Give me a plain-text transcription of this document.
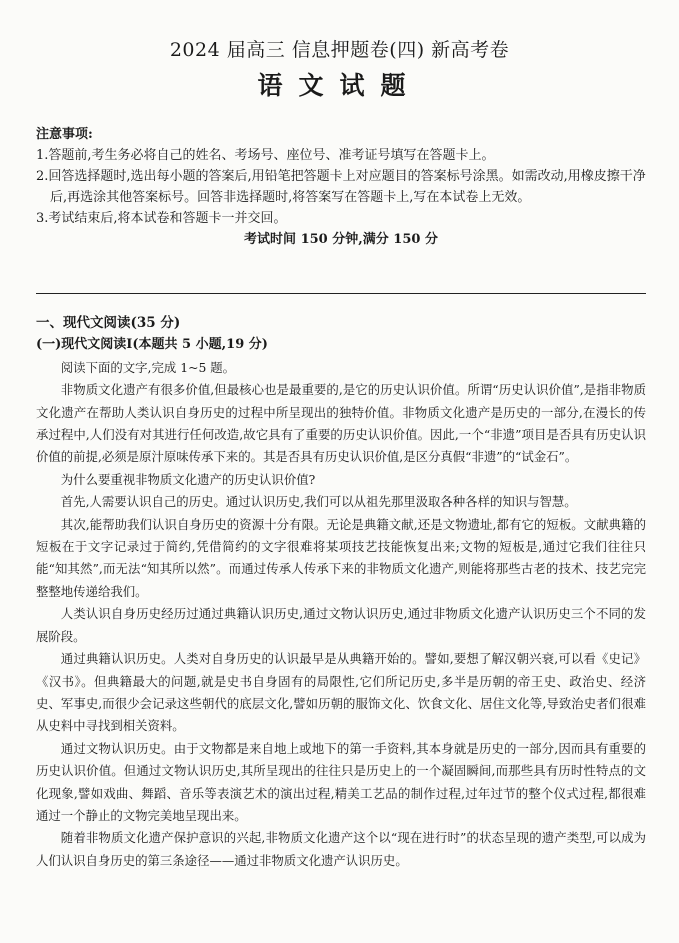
2024 届高三 信息押题卷(四) 新高考卷
语文试题
注意事项:
1.答题前,考生务必将自己的姓名、考场号、座位号、准考证号填写在答题卡上。
2.回答选择题时,选出每小题的答案后,用铅笔把答题卡上对应题目的答案标号涂黑。如需改动,用橡皮擦干净后,再选涂其他答案标号。回答非选择题时,将答案写在答题卡上,写在本试卷上无效。
3.考试结束后,将本试卷和答题卡一并交回。
考试时间 150 分钟,满分 150 分
一、现代文阅读(35 分)
(一)现代文阅读Ⅰ(本题共 5 小题,19 分)
阅读下面的文字,完成 1~5 题。

非物质文化遗产有很多价值,但最核心也是最重要的,是它的历史认识价值。所谓“历史认识价值”,是指非物质文化遗产在帮助人类认识自身历史的过程中所呈现出的独特价值。非物质文化遗产是历史的一部分,在漫长的传承过程中,人们没有对其进行任何改造,故它具有了重要的历史认识价值。因此,一个“非遗”项目是否具有历史认识价值的前提,必须是原汁原味传承下来的。其是否具有历史认识价值,是区分真假“非遗”的“试金石”。

为什么要重视非物质文化遗产的历史认识价值?

首先,人需要认识自己的历史。通过认识历史,我们可以从祖先那里汲取各种各样的知识与智慧。

其次,能帮助我们认识自身历史的资源十分有限。无论是典籍文献,还是文物遗址,都有它的短板。文献典籍的短板在于文字记录过于简约,凭借简约的文字很难将某项技艺技能恢复出来;文物的短板是,通过它我们往往只能“知其然”,而无法“知其所以然”。而通过传承人传承下来的非物质文化遗产,则能将那些古老的技术、技艺完完整整地传递给我们。

人类认识自身历史经历过通过典籍认识历史,通过文物认识历史,通过非物质文化遗产认识历史三个不同的发展阶段。

通过典籍认识历史。人类对自身历史的认识最早是从典籍开始的。譬如,要想了解汉朝兴衰,可以看《史记》《汉书》。但典籍最大的问题,就是史书自身固有的局限性,它们所记历史,多半是历朝的帝王史、政治史、经济史、军事史,而很少会记录这些朝代的底层文化,譬如历朝的服饰文化、饮食文化、居住文化等,导致治史者们很难从史料中寻找到相关资料。

通过文物认识历史。由于文物都是来自地上或地下的第一手资料,其本身就是历史的一部分,因而具有重要的历史认识价值。但通过文物认识历史,其所呈现出的往往只是历史上的一个凝固瞬间,而那些具有历时性特点的文化现象,譬如戏曲、舞蹈、音乐等表演艺术的演出过程,精美工艺品的制作过程,过年过节的整个仪式过程,都很难通过一个静止的文物完美地呈现出来。

随着非物质文化遗产保护意识的兴起,非物质文化遗产这个以“现在进行时”的状态呈现的遗产类型,可以成为人们认识自身历史的第三条途径——通过非物质文化遗产认识历史。
